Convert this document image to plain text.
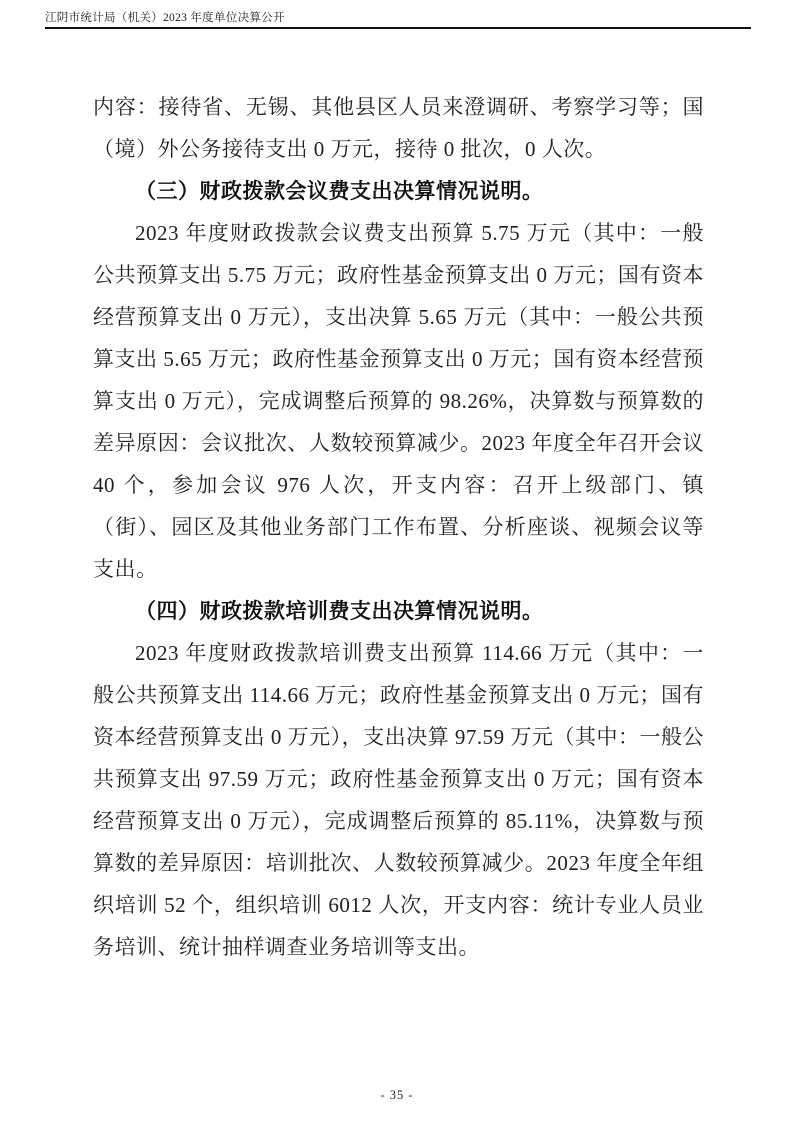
江阴市统计局（机关）2023 年度单位决算公开

内容：接待省、无锡、其他县区人员来澄调研、考察学习等；国（境）外公务接待支出 0 万元，接待 0 批次，0 人次。

（三）财政拨款会议费支出决算情况说明。

2023 年度财政拨款会议费支出预算 5.75 万元（其中：一般公共预算支出 5.75 万元；政府性基金预算支出 0 万元；国有资本经营预算支出 0 万元），支出决算 5.65 万元（其中：一般公共预算支出 5.65 万元；政府性基金预算支出 0 万元；国有资本经营预算支出 0 万元），完成调整后预算的 98.26%，决算数与预算数的差异原因：会议批次、人数较预算减少。2023 年度全年召开会议 40 个，参加会议 976 人次，开支内容：召开上级部门、镇（街）、园区及其他业务部门工作布置、分析座谈、视频会议等支出。

（四）财政拨款培训费支出决算情况说明。

2023 年度财政拨款培训费支出预算 114.66 万元（其中：一般公共预算支出 114.66 万元；政府性基金预算支出 0 万元；国有资本经营预算支出 0 万元），支出决算 97.59 万元（其中：一般公共预算支出 97.59 万元；政府性基金预算支出 0 万元；国有资本经营预算支出 0 万元），完成调整后预算的 85.11%，决算数与预算数的差异原因：培训批次、人数较预算减少。2023 年度全年组织培训 52 个，组织培训 6012 人次，开支内容：统计专业人员业务培训、统计抽样调查业务培训等支出。

- 35 -
